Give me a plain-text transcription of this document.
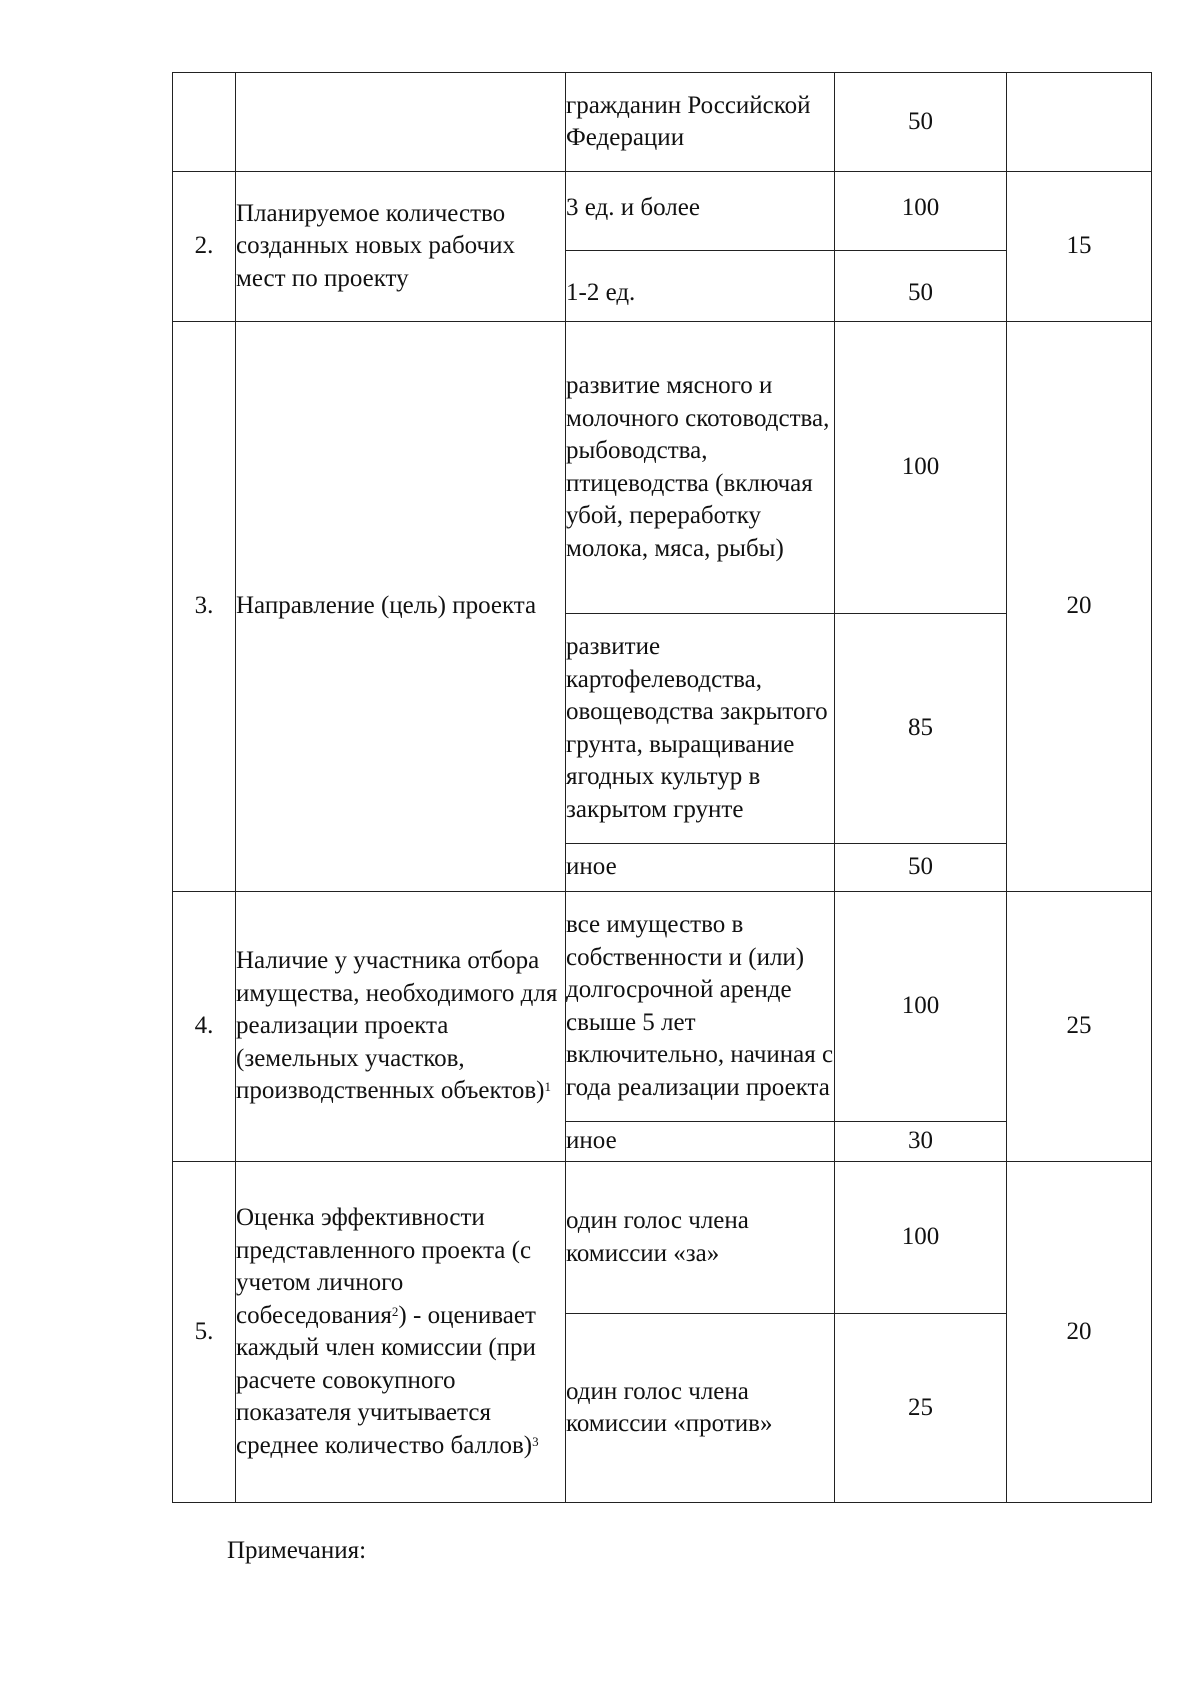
		гражданин Российской Федерации	50	
2.	Планируемое количество созданных новых рабочих мест по проекту	3 ед. и более	100	15
		1-2 ед.	50	
3.	Направление (цель) проекта	развитие мясного и молочного скотоводства, рыбоводства, птицеводства (включая убой, переработку молока, мяса, рыбы)	100	20
		развитие картофелеводства, овощеводства закрытого грунта, выращивание ягодных культур в закрытом грунте	85	
		иное	50	
4.	Наличие у участника отбора имущества, необходимого для реализации проекта (земельных участков, производственных объектов)$^1$	все имущество в собственности и (или) долгосрочной аренде свыше 5 лет включительно, начиная с года реализации проекта	100	25
		иное	30	
5.	Оценка эффективности представленного проекта (с учетом личного собеседования$^2$) - оценивает каждый член комиссии (при расчете совокупного показателя учитывается среднее количество баллов)$^3$	один голос члена комиссии «за»	100	20
		один голос члена комиссии «против»	25	
Примечания:
